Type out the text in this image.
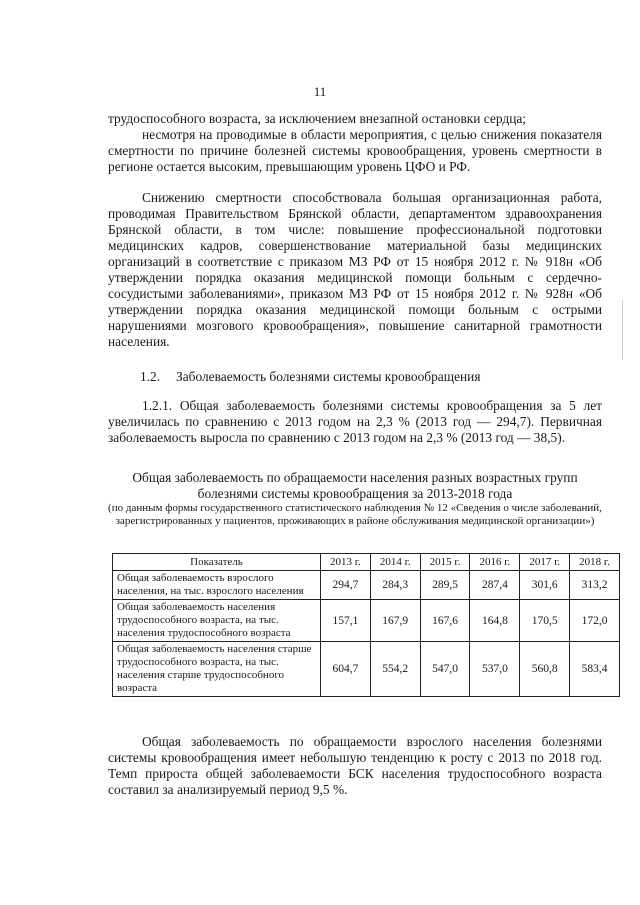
11
трудоспособного возраста, за исключением внезапной остановки сердца;
несмотря на проводимые в области мероприятия, с целью снижения показателя смертности по причине болезней системы кровообращения, уровень смертности в регионе остается высоким, превышающим уровень ЦФО и РФ.
Снижению смертности способствовала большая организационная работа, проводимая Правительством Брянской области, департаментом здравоохранения Брянской области, в том числе: повышение профессиональной подготовки медицинских кадров, совершенствование материальной базы медицинских организаций в соответствие с приказом МЗ РФ от 15 ноября 2012 г. № 918н «Об утверждении порядка оказания медицинской помощи больным с сердечно-сосудистыми заболеваниями», приказом МЗ РФ от 15 ноября 2012 г. № 928н «Об утверждении порядка оказания медицинской помощи больным с острыми нарушениями мозгового кровообращения», повышение санитарной грамотности населения.
1.2. Заболеваемость болезнями системы кровообращения
1.2.1. Общая заболеваемость болезнями системы кровообращения за 5 лет увеличилась по сравнению с 2013 годом на 2,3 % (2013 год — 294,7). Первичная заболеваемость выросла по сравнению с 2013 годом на 2,3 % (2013 год — 38,5).
Общая заболеваемость по обращаемости населения разных возрастных групп болезнями системы кровообращения за 2013-2018 года
(по данным формы государственного статистического наблюдения № 12 «Сведения о числе заболеваний, зарегистрированных у пациентов, проживающих в районе обслуживания медицинской организации»)
Показатель	2013 г.	2014 г.	2015 г.	2016 г.	2017 г.	2018 г.
Общая заболеваемость взрослого населения, на тыс. взрослого населения	294,7	284,3	289,5	287,4	301,6	313,2
Общая заболеваемость населения трудоспособного возраста, на тыс. населения трудоспособного возраста	157,1	167,9	167,6	164,8	170,5	172,0
Общая заболеваемость населения старше трудоспособного возраста, на тыс. населения старше трудоспособного возраста	604,7	554,2	547,0	537,0	560,8	583,4
Общая заболеваемость по обращаемости взрослого населения болезнями системы кровообращения имеет небольшую тенденцию к росту с 2013 по 2018 год. Темп прироста общей заболеваемости БСК населения трудоспособного возраста составил за анализируемый период 9,5 %.
